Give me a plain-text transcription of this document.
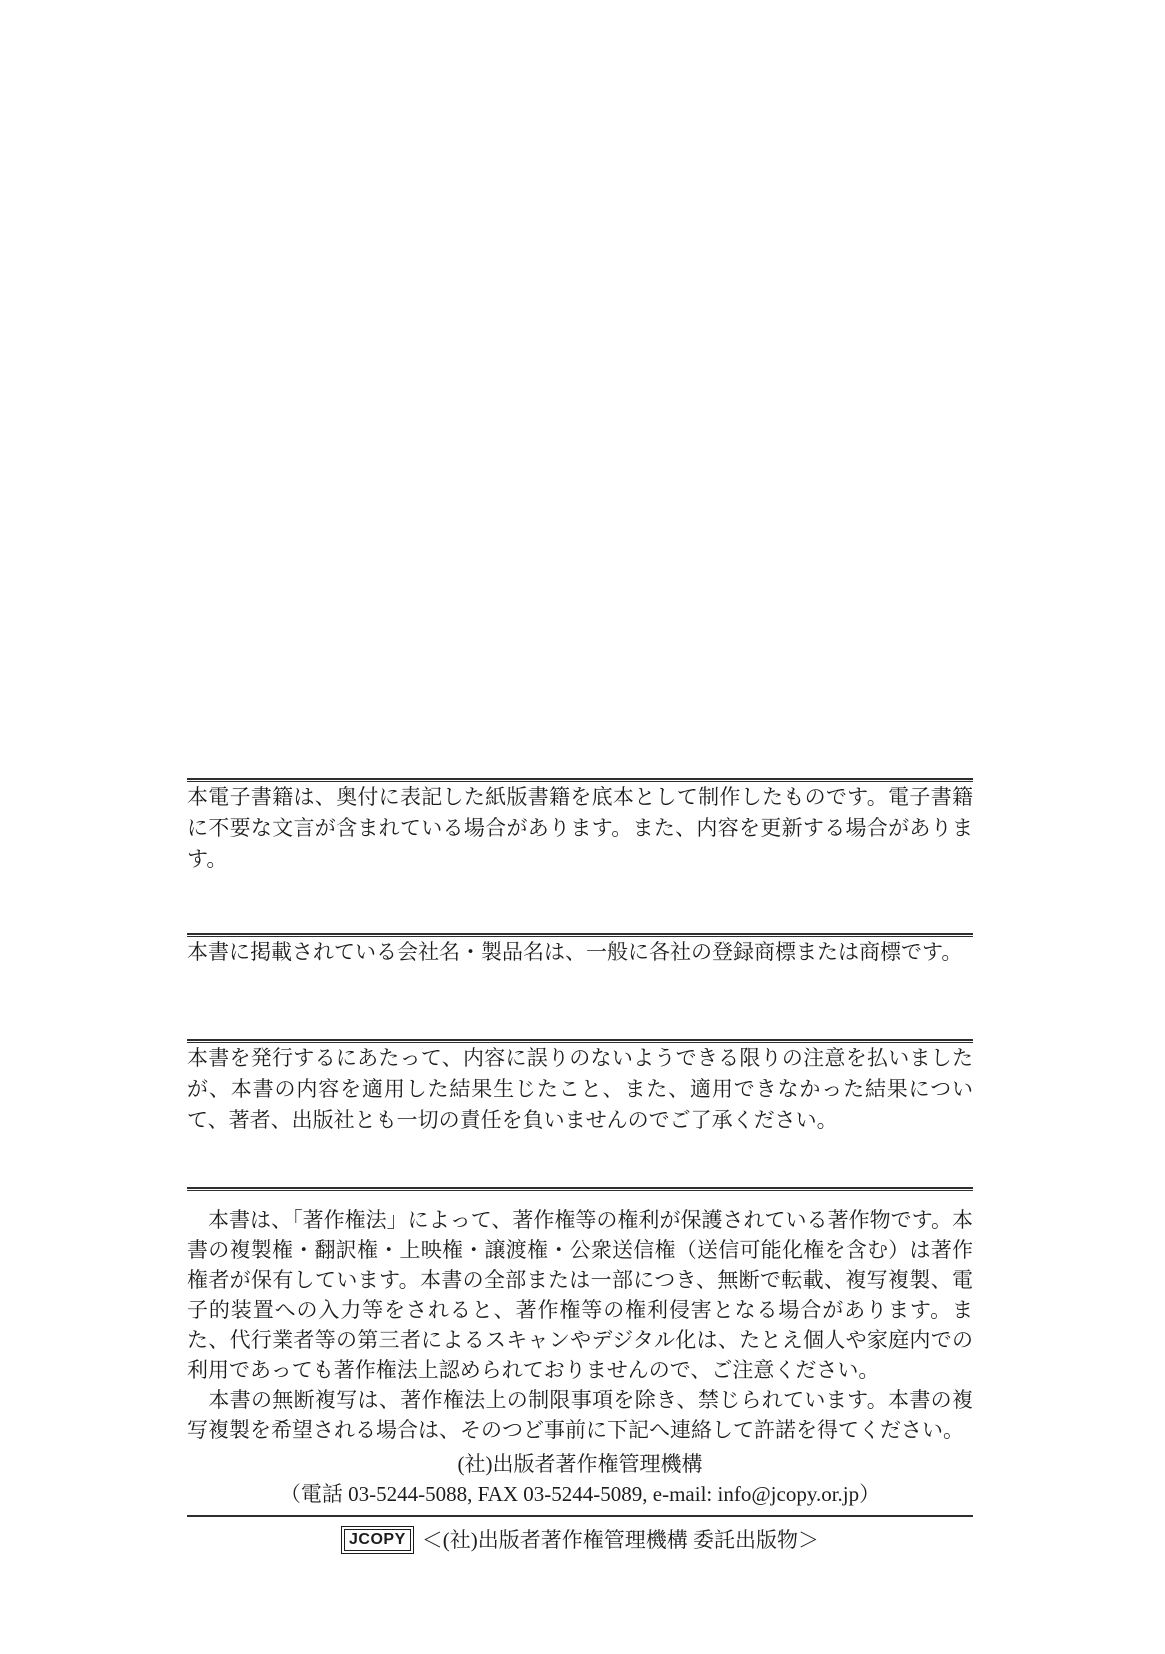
本電子書籍は、奥付に表記した紙版書籍を底本として制作したものです。電子書籍に不要な文言が含まれている場合があります。また、内容を更新する場合があります。

本書に掲載されている会社名・製品名は、一般に各社の登録商標または商標です。

本書を発行するにあたって、内容に誤りのないようできる限りの注意を払いましたが、本書の内容を適用した結果生じたこと、また、適用できなかった結果について、著者、出版社とも一切の責任を負いませんのでご了承ください。

　本書は、「著作権法」によって、著作権等の権利が保護されている著作物です。本書の複製権・翻訳権・上映権・譲渡権・公衆送信権（送信可能化権を含む）は著作権者が保有しています。本書の全部または一部につき、無断で転載、複写複製、電子的装置への入力等をされると、著作権等の権利侵害となる場合があります。また、代行業者等の第三者によるスキャンやデジタル化は、たとえ個人や家庭内での利用であっても著作権法上認められておりませんので、ご注意ください。

　本書の無断複写は、著作権法上の制限事項を除き、禁じられています。本書の複写複製を希望される場合は、そのつど事前に下記へ連絡して許諾を得てください。

(社)出版者著作権管理機構

（電話 03-5244-5088, FAX 03-5244-5089, e-mail: info@jcopy.or.jp）

JCOPY ＜(社)出版者著作権管理機構 委託出版物＞
